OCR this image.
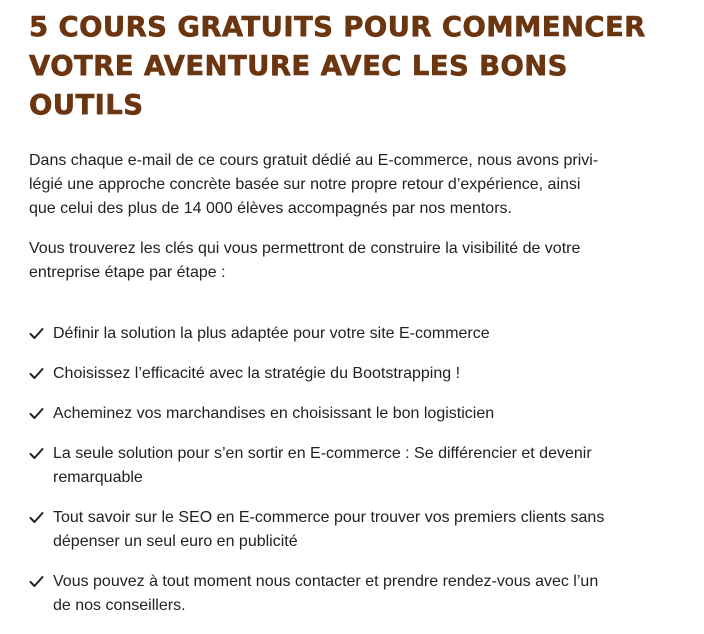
5 COURS GRATUITS POUR COMMENCER
VOTRE AVENTURE AVEC LES BONS
OUTILS

Dans chaque e-mail de ce cours gratuit dédié au E-commerce, nous avons privi-
légié une approche concrète basée sur notre propre retour d’expérience, ainsi
que celui des plus de 14 000 élèves accompagnés par nos mentors.

Vous trouverez les clés qui vous permettront de construire la visibilité de votre
entreprise étape par étape :

Définir la solution la plus adaptée pour votre site E-commerce
Choisissez l’efficacité avec la stratégie du Bootstrapping !
Acheminez vos marchandises en choisissant le bon logisticien
La seule solution pour s’en sortir en E-commerce : Se différencier et devenir
remarquable
Tout savoir sur le SEO en E-commerce pour trouver vos premiers clients sans
dépenser un seul euro en publicité
Vous pouvez à tout moment nous contacter et prendre rendez-vous avec l’un
de nos conseillers.
